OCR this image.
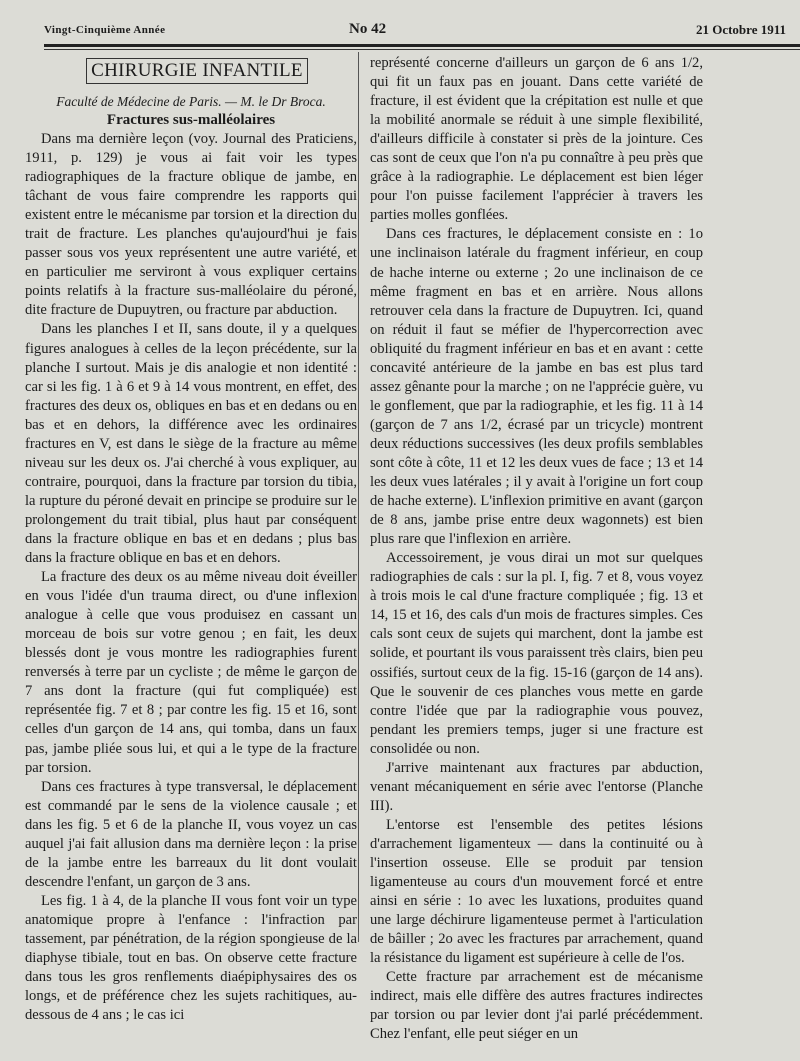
Vingt-Cinquième Année	No 42	21 Octobre 1911
CHIRURGIE INFANTILE
Faculté de Médecine de Paris. — M. le Dr Broca.
Fractures sus-malléolaires

Dans ma dernière leçon (voy. Journal des Praticiens, 1911, p. 129) je vous ai fait voir les types radiographiques de la fracture oblique de jambe, en tâchant de vous faire comprendre les rapports qui existent entre le mécanisme par torsion et la direction du trait de fracture. Les planches qu'aujourd'hui je fais passer sous vos yeux représentent une autre variété, et en particulier me serviront à vous expliquer certains points relatifs à la fracture sus-malléolaire du péroné, dite fracture de Dupuytren, ou fracture par abduction.

Dans les planches I et II, sans doute, il y a quelques figures analogues à celles de la leçon précédente, sur la planche I surtout. Mais je dis analogie et non identité : car si les fig. 1 à 6 et 9 à 14 vous montrent, en effet, des fractures des deux os, obliques en bas et en dedans ou en bas et en dehors, la différence avec les ordinaires fractures en V, est dans le siège de la fracture au même niveau sur les deux os. J'ai cherché à vous expliquer, au contraire, pourquoi, dans la fracture par torsion du tibia, la rupture du péroné devait en principe se produire sur le prolongement du trait tibial, plus haut par conséquent dans la fracture oblique en bas et en dedans ; plus bas dans la fracture oblique en bas et en dehors.

La fracture des deux os au même niveau doit éveiller en vous l'idée d'un trauma direct, ou d'une inflexion analogue à celle que vous produisez en cassant un morceau de bois sur votre genou ; en fait, les deux blessés dont je vous montre les radiographies furent renversés à terre par un cycliste ; de même le garçon de 7 ans dont la fracture (qui fut compliquée) est représentée fig. 7 et 8 ; par contre les fig. 15 et 16, sont celles d'un garçon de 14 ans, qui tomba, dans un faux pas, jambe pliée sous lui, et qui a le type de la fracture par torsion.

Dans ces fractures à type transversal, le déplacement est commandé par le sens de la violence causale ; et dans les fig. 5 et 6 de la planche II, vous voyez un cas auquel j'ai fait allusion dans ma dernière leçon : la prise de la jambe entre les barreaux du lit dont voulait descendre l'enfant, un garçon de 3 ans.

Les fig. 1 à 4, de la planche II vous font voir un type anatomique propre à l'enfance : l'infraction par tassement, par pénétration, de la région spongieuse de la diaphyse tibiale, tout en bas. On observe cette fracture dans tous les gros renflements diaépiphysaires des os longs, et de préférence chez les sujets rachitiques, au-dessous de 4 ans ; le cas ici

représenté concerne d'ailleurs un garçon de 6 ans 1/2, qui fit un faux pas en jouant. Dans cette variété de fracture, il est évident que la crépitation est nulle et que la mobilité anormale se réduit à une simple flexibilité, d'ailleurs difficile à constater si près de la jointure. Ces cas sont de ceux que l'on n'a pu connaître à peu près que grâce à la radiographie. Le déplacement est bien léger pour l'on puisse facilement l'apprécier à travers les parties molles gonflées.

Dans ces fractures, le déplacement consiste en : 1o une inclinaison latérale du fragment inférieur, en coup de hache interne ou externe ; 2o une inclinaison de ce même fragment en bas et en arrière. Nous allons retrouver cela dans la fracture de Dupuytren. Ici, quand on réduit il faut se méfier de l'hypercorrection avec obliquité du fragment inférieur en bas et en avant : cette concavité antérieure de la jambe en bas est plus tard assez gênante pour la marche ; on ne l'apprécie guère, vu le gonflement, que par la radiographie, et les fig. 11 à 14 (garçon de 7 ans 1/2, écrasé par un tricycle) montrent deux réductions successives (les deux profils semblables sont côte à côte, 11 et 12 les deux vues de face ; 13 et 14 les deux vues latérales ; il y avait à l'origine un fort coup de hache externe). L'inflexion primitive en avant (garçon de 8 ans, jambe prise entre deux wagonnets) est bien plus rare que l'inflexion en arrière.

Accessoirement, je vous dirai un mot sur quelques radiographies de cals : sur la pl. I, fig. 7 et 8, vous voyez à trois mois le cal d'une fracture compliquée ; fig. 13 et 14, 15 et 16, des cals d'un mois de fractures simples. Ces cals sont ceux de sujets qui marchent, dont la jambe est solide, et pourtant ils vous paraissent très clairs, bien peu ossifiés, surtout ceux de la fig. 15-16 (garçon de 14 ans). Que le souvenir de ces planches vous mette en garde contre l'idée que par la radiographie vous pouvez, pendant les premiers temps, juger si une fracture est consolidée ou non.

J'arrive maintenant aux fractures par abduction, venant mécaniquement en série avec l'entorse (Planche III).

L'entorse est l'ensemble des petites lésions d'arrachement ligamenteux — dans la continuité ou à l'insertion osseuse. Elle se produit par tension ligamenteuse au cours d'un mouvement forcé et entre ainsi en série : 1o avec les luxations, produites quand une large déchirure ligamenteuse permet à l'articulation de bâiller ; 2o avec les fractures par arrachement, quand la résistance du ligament est supérieure à celle de l'os.

Cette fracture par arrachement est de mécanisme indirect, mais elle diffère des autres fractures indirectes par torsion ou par levier dont j'ai parlé précédemment. Chez l'enfant, elle peut siéger en un
